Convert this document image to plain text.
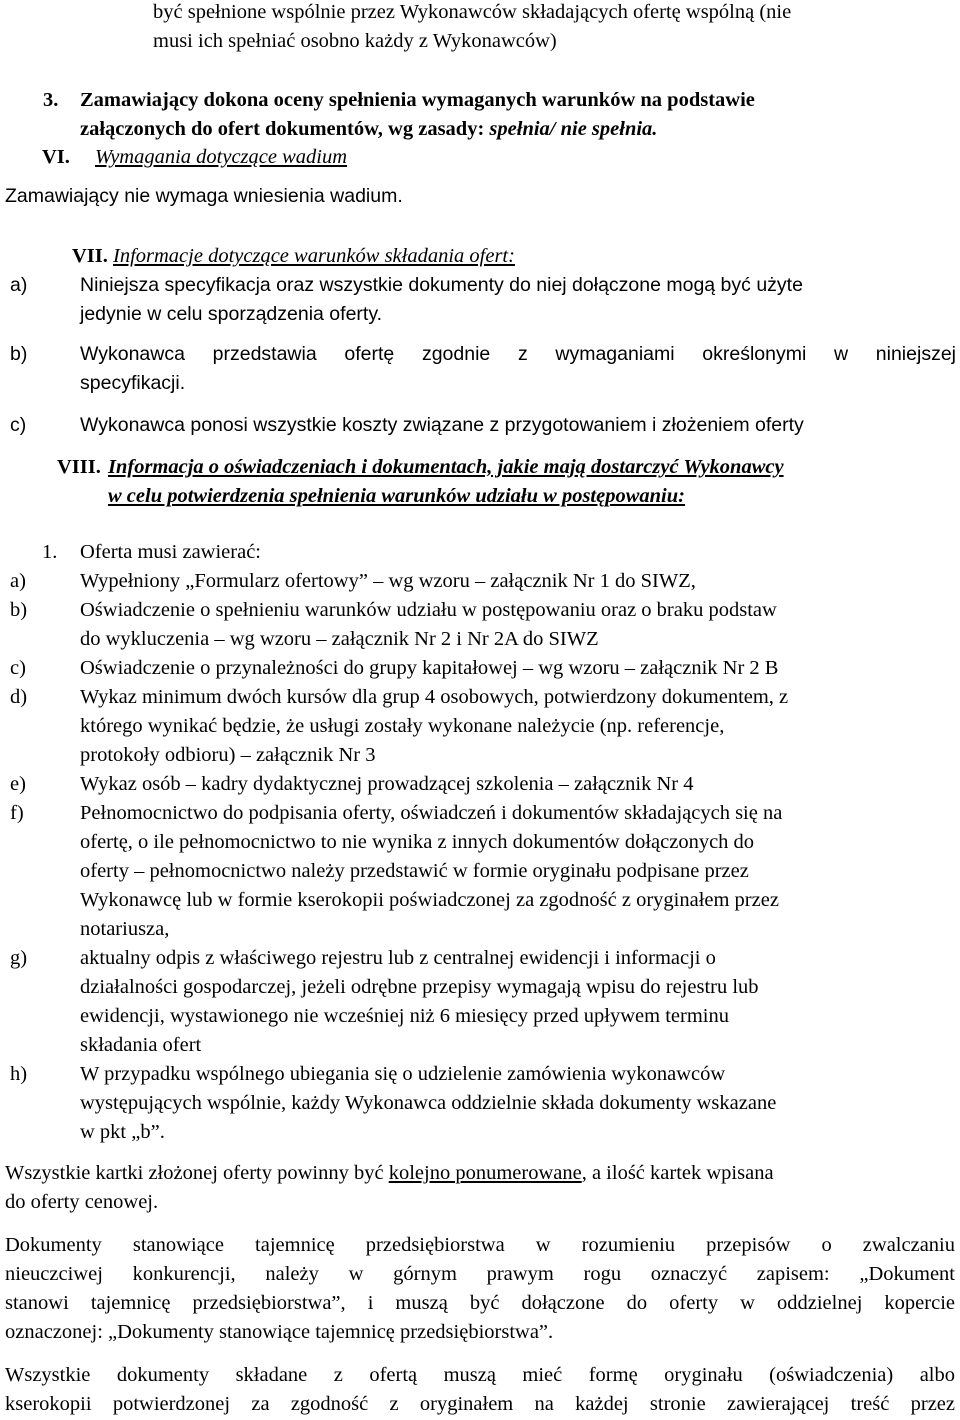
być spełnione wspólnie przez Wykonawców składających ofertę wspólną (nie
musi ich spełniać osobno każdy z Wykonawców)
3. Zamawiający dokona oceny spełnienia wymaganych warunków na podstawie
załączonych do ofert dokumentów, wg zasady: spełnia/ nie spełnia.
VI. Wymagania dotyczące wadium
Zamawiający nie wymaga wniesienia wadium.
VII. Informacje dotyczące warunków składania ofert:
a)	Niniejsza specyfikacja oraz wszystkie dokumenty do niej dołączone mogą być użyte
jedynie w celu sporządzenia oferty.
b)	Wykonawca przedstawia ofertę zgodnie z wymaganiami określonymi w niniejszej
specyfikacji.
c)	Wykonawca ponosi wszystkie koszty związane z przygotowaniem i złożeniem oferty
VIII. Informacja o oświadczeniach i dokumentach, jakie mają dostarczyć Wykonawcy
w celu potwierdzenia spełnienia warunków udziału w postępowaniu:
1. Oferta musi zawierać:
a)	Wypełniony „Formularz ofertowy” – wg wzoru – załącznik Nr 1 do SIWZ,
b)	Oświadczenie o spełnieniu warunków udziału w postępowaniu oraz o braku podstaw
do wykluczenia – wg wzoru – załącznik Nr 2 i Nr 2A do SIWZ
c)	Oświadczenie o przynależności do grupy kapitałowej – wg wzoru – załącznik Nr 2 B
d)	Wykaz minimum dwóch kursów dla grup 4 osobowych, potwierdzony dokumentem, z
którego wynikać będzie, że usługi zostały wykonane należycie (np. referencje,
protokoły odbioru) – załącznik Nr 3
e)	Wykaz osób – kadry dydaktycznej prowadzącej szkolenia – załącznik Nr 4
f)	Pełnomocnictwo do podpisania oferty, oświadczeń i dokumentów składających się na
ofertę, o ile pełnomocnictwo to nie wynika z innych dokumentów dołączonych do
oferty – pełnomocnictwo należy przedstawić w formie oryginału podpisane przez
Wykonawcę lub w formie kserokopii poświadczonej za zgodność z oryginałem przez
notariusza,
g)	aktualny odpis z właściwego rejestru lub z centralnej ewidencji i informacji o
działalności gospodarczej, jeżeli odrębne przepisy wymagają wpisu do rejestru lub
ewidencji, wystawionego nie wcześniej niż 6 miesięcy przed upływem terminu
składania ofert
h)	W przypadku wspólnego ubiegania się o udzielenie zamówienia wykonawców
występujących wspólnie, każdy Wykonawca oddzielnie składa dokumenty wskazane
w pkt „b”.
Wszystkie kartki złożonej oferty powinny być kolejno ponumerowane, a ilość kartek wpisana
do oferty cenowej.
Dokumenty stanowiące tajemnicę przedsiębiorstwa w rozumieniu przepisów o zwalczaniu
nieuczciwej konkurencji, należy w górnym prawym rogu oznaczyć zapisem: „Dokument
stanowi tajemnicę przedsiębiorstwa”, i muszą być dołączone do oferty w oddzielnej kopercie
oznaczonej: „Dokumenty stanowiące tajemnicę przedsiębiorstwa”.
Wszystkie dokumenty składane z ofertą muszą mieć formę oryginału (oświadczenia) albo
kserokopii potwierdzonej za zgodność z oryginałem na każdej stronie zawierającej treść przez
